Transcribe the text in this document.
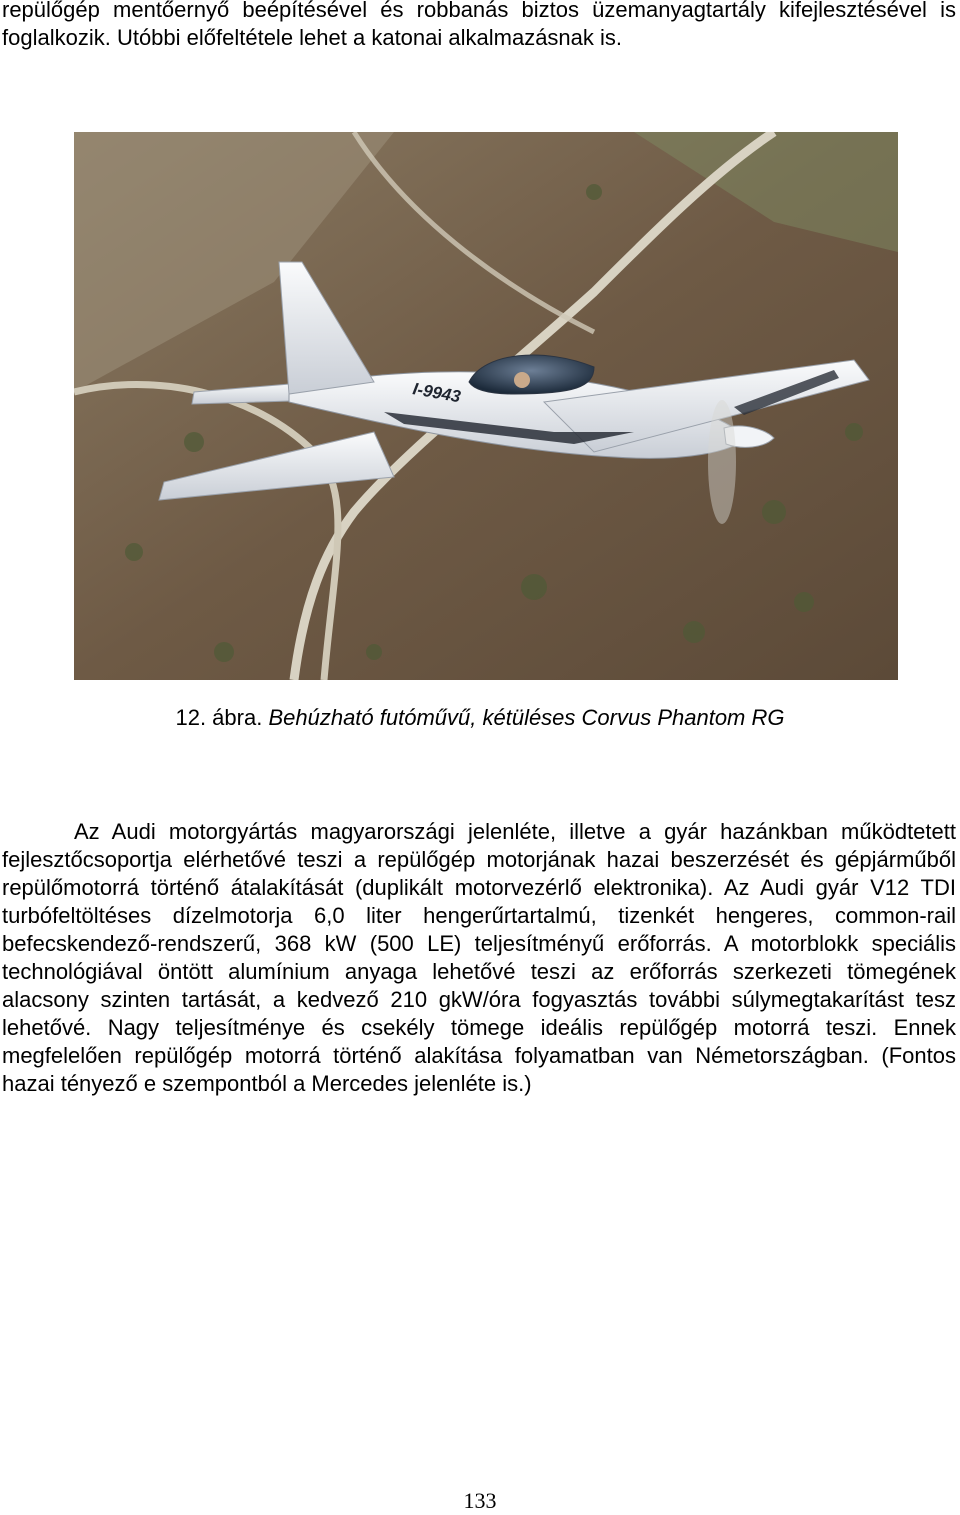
repülőgép mentőernyő beépítésével és robbanás biztos üzemanyagtartály kifejlesztésével is foglalkozik. Utóbbi előfeltétele lehet a katonai alkalmazásnak is.

I-9943
12. ábra. Behúzható futóművű, kétüléses Corvus Phantom RG

Az Audi motorgyártás magyarországi jelenléte, illetve a gyár hazánkban működtetett fejlesztőcsoportja elérhetővé teszi a repülőgép motorjának hazai beszerzését és gépjárműből repülőmotorrá történő átalakítását (duplikált motorvezérlő elektronika). Az Audi gyár V12 TDI turbófeltöltéses dízelmotorja 6,0 liter hengerűrtartalmú, tizenkét hengeres, common-rail befecskendező-rendszerű, 368 kW (500 LE) teljesítményű erőforrás. A motorblokk speciális technológiával öntött alumínium anyaga lehetővé teszi az erőforrás szerkezeti tömegének alacsony szinten tartását, a kedvező 210 gkW/óra fogyasztás további súlymegtakarítást tesz lehetővé. Nagy teljesítménye és csekély tömege ideális repülőgép motorrá teszi. Ennek megfelelően repülőgép motorrá történő alakítása folyamatban van Németországban. (Fontos hazai tényező e szempontból a Mercedes jelenléte is.)

133
